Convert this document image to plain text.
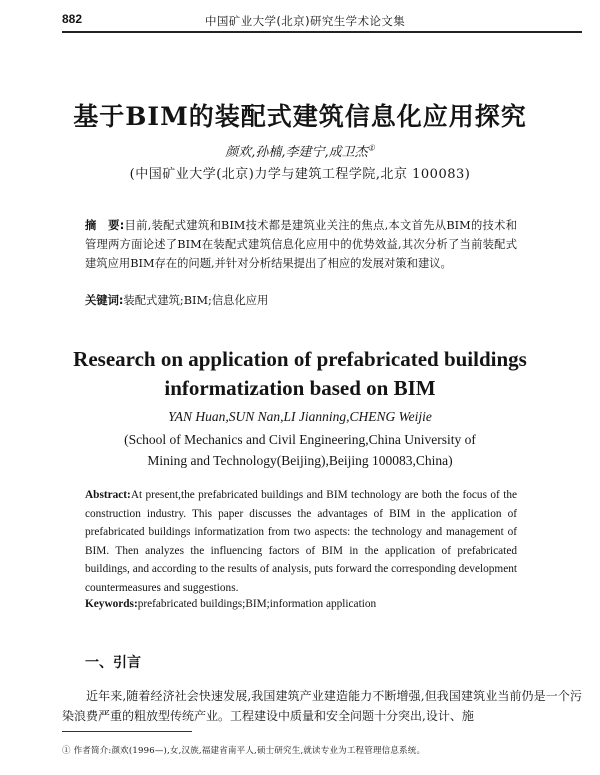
882	中国矿业大学(北京)研究生学术论文集
基于BIM的装配式建筑信息化应用探究
颜欢,孙楠,李建宁,成卫杰①
(中国矿业大学(北京)力学与建筑工程学院,北京 100083)
摘　要:目前,装配式建筑和BIM技术都是建筑业关注的焦点,本文首先从BIM的技术和管理两方面论述了BIM在装配式建筑信息化应用中的优势效益,其次分析了当前装配式建筑应用BIM存在的问题,并针对分析结果提出了相应的发展对策和建议。
关键词:装配式建筑;BIM;信息化应用
Research on application of prefabricated buildings
informatization based on BIM
YAN Huan,SUN Nan,LI Jianning,CHENG Weijie
(School of Mechanics and Civil Engineering,China University of
Mining and Technology(Beijing),Beijing 100083,China)
Abstract:At present,the prefabricated buildings and BIM technology are both the focus of the construction industry. This paper discusses the advantages of BIM in the application of prefabricated buildings informatization from two aspects: the technology and management of BIM. Then analyzes the influencing factors of BIM in the application of prefabricated buildings, and according to the results of analysis, puts forward the corresponding development countermeasures and suggestions.
Keywords:prefabricated buildings;BIM;information application
一、引言
近年来,随着经济社会快速发展,我国建筑产业建造能力不断增强,但我国建筑业当前仍是一个污染浪费严重的粗放型传统产业。工程建设中质量和安全问题十分突出,设计、施
① 作者简介:颜欢(1996—),女,汉族,福建省南平人,硕士研究生,就读专业为工程管理信息系统。
